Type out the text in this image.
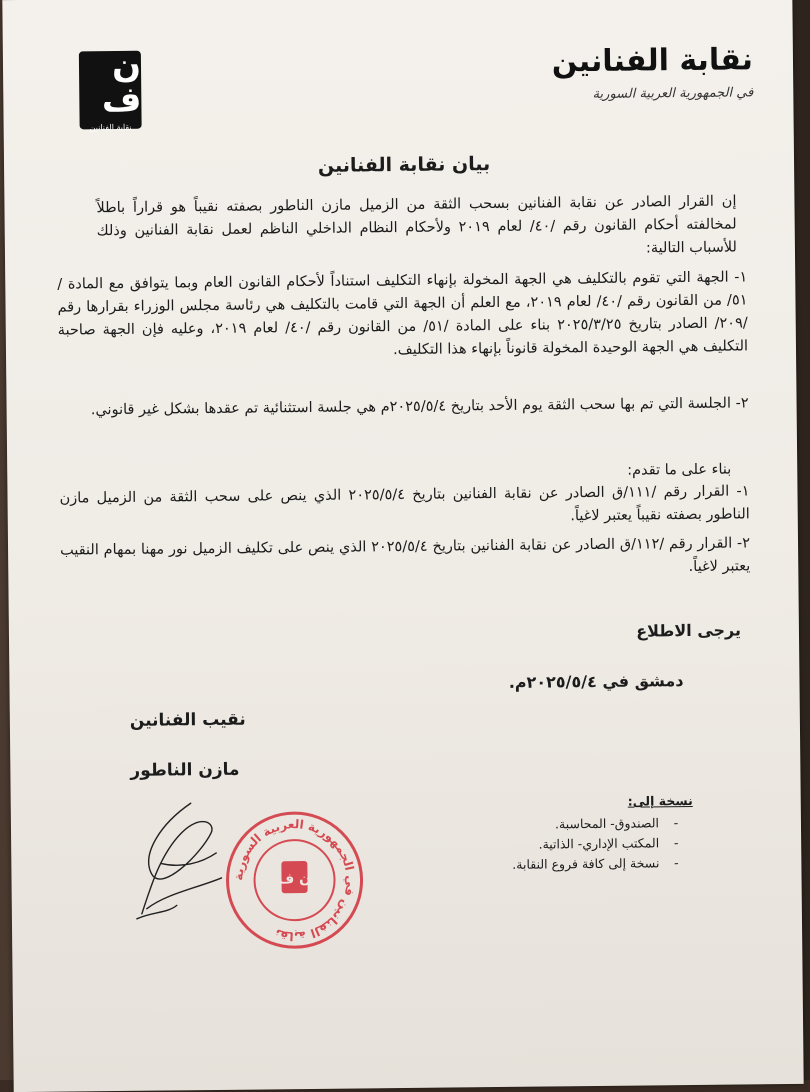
نقابة الفنانين
في الجمهورية العربية السورية
ن ف
نقابة الفنانين
بيان نقابة الفنانين
إن القرار الصادر عن نقابة الفنانين بسحب الثقة من الزميل مازن الناطور بصفته نقيباً هو قراراً باطلاً لمخالفته أحكام القانون رقم /٤٠/ لعام ٢٠١٩ ولأحكام النظام الداخلي الناظم لعمل نقابة الفنانين وذلك للأسباب التالية:
١- الجهة التي تقوم بالتكليف هي الجهة المخولة بإنهاء التكليف استناداً لأحكام القانون العام وبما يتوافق مع المادة /٥١/ من القانون رقم /٤٠/ لعام ٢٠١٩، مع العلم أن الجهة التي قامت بالتكليف هي رئاسة مجلس الوزراء بقرارها رقم /٢٠٩/ الصادر بتاريخ ٢٠٢٥/٣/٢٥ بناء على المادة /٥١/ من القانون رقم /٤٠/ لعام ٢٠١٩، وعليه فإن الجهة صاحبة التكليف هي الجهة الوحيدة المخولة قانوناً بإنهاء هذا التكليف.
٢- الجلسة التي تم بها سحب الثقة يوم الأحد بتاريخ ٢٠٢٥/٥/٤م هي جلسة استثنائية تم عقدها بشكل غير قانوني.
بناء على ما تقدم:
١- القرار رقم /١١١/ق الصادر عن نقابة الفنانين بتاريخ ٢٠٢٥/٥/٤ الذي ينص على سحب الثقة من الزميل مازن الناطور بصفته نقيباً يعتبر لاغياً.
٢- القرار رقم /١١٢/ق الصادر عن نقابة الفنانين بتاريخ ٢٠٢٥/٥/٤ الذي ينص على تكليف الزميل نور مهنا بمهام النقيب يعتبر لاغياً.
يرجى الاطلاع
دمشق في ٢٠٢٥/٥/٤م.
نقيب الفنانين
مازن الناطور
نسخة إلى:
-
الصندوق- المحاسبة.
-
المكتب الإداري- الذاتية.
-
نسخة إلى كافة فروع النقابة.
نقابة الفنانين في الجمهورية العربية السورية
ن ف
